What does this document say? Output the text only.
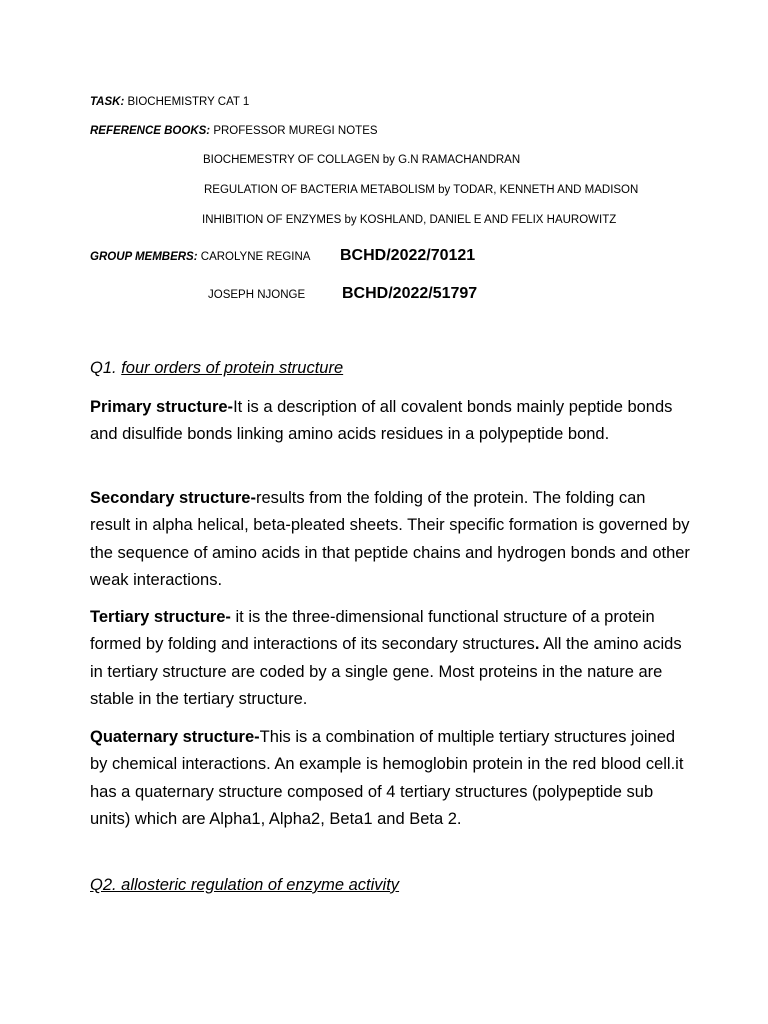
TASK: BIOCHEMISTRY CAT 1
REFERENCE BOOKS: PROFESSOR MUREGI NOTES
BIOCHEMESTRY OF COLLAGEN by G.N RAMACHANDRAN
REGULATION OF BACTERIA METABOLISM by TODAR, KENNETH AND MADISON
INHIBITION OF ENZYMES by KOSHLAND, DANIEL E AND FELIX HAUROWITZ
GROUP MEMBERS: CAROLYNE REGINA BCHD/2022/70121
JOSEPH NJONGE BCHD/2022/51797
Q1. four orders of protein structure
Primary structure-It is a description of all covalent bonds mainly peptide bonds and disulfide bonds linking amino acids residues in a polypeptide bond.
Secondary structure-results from the folding of the protein. The folding can result in alpha helical, beta-pleated sheets. Their specific formation is governed by the sequence of amino acids in that peptide chains and hydrogen bonds and other weak interactions.
Tertiary structure- it is the three-dimensional functional structure of a protein formed by folding and interactions of its secondary structures. All the amino acids in tertiary structure are coded by a single gene. Most proteins in the nature are stable in the tertiary structure.
Quaternary structure-This is a combination of multiple tertiary structures joined by chemical interactions. An example is hemoglobin protein in the red blood cell.it has a quaternary structure composed of 4 tertiary structures (polypeptide sub units) which are Alpha1, Alpha2, Beta1 and Beta 2.
Q2. allosteric regulation of enzyme activity
